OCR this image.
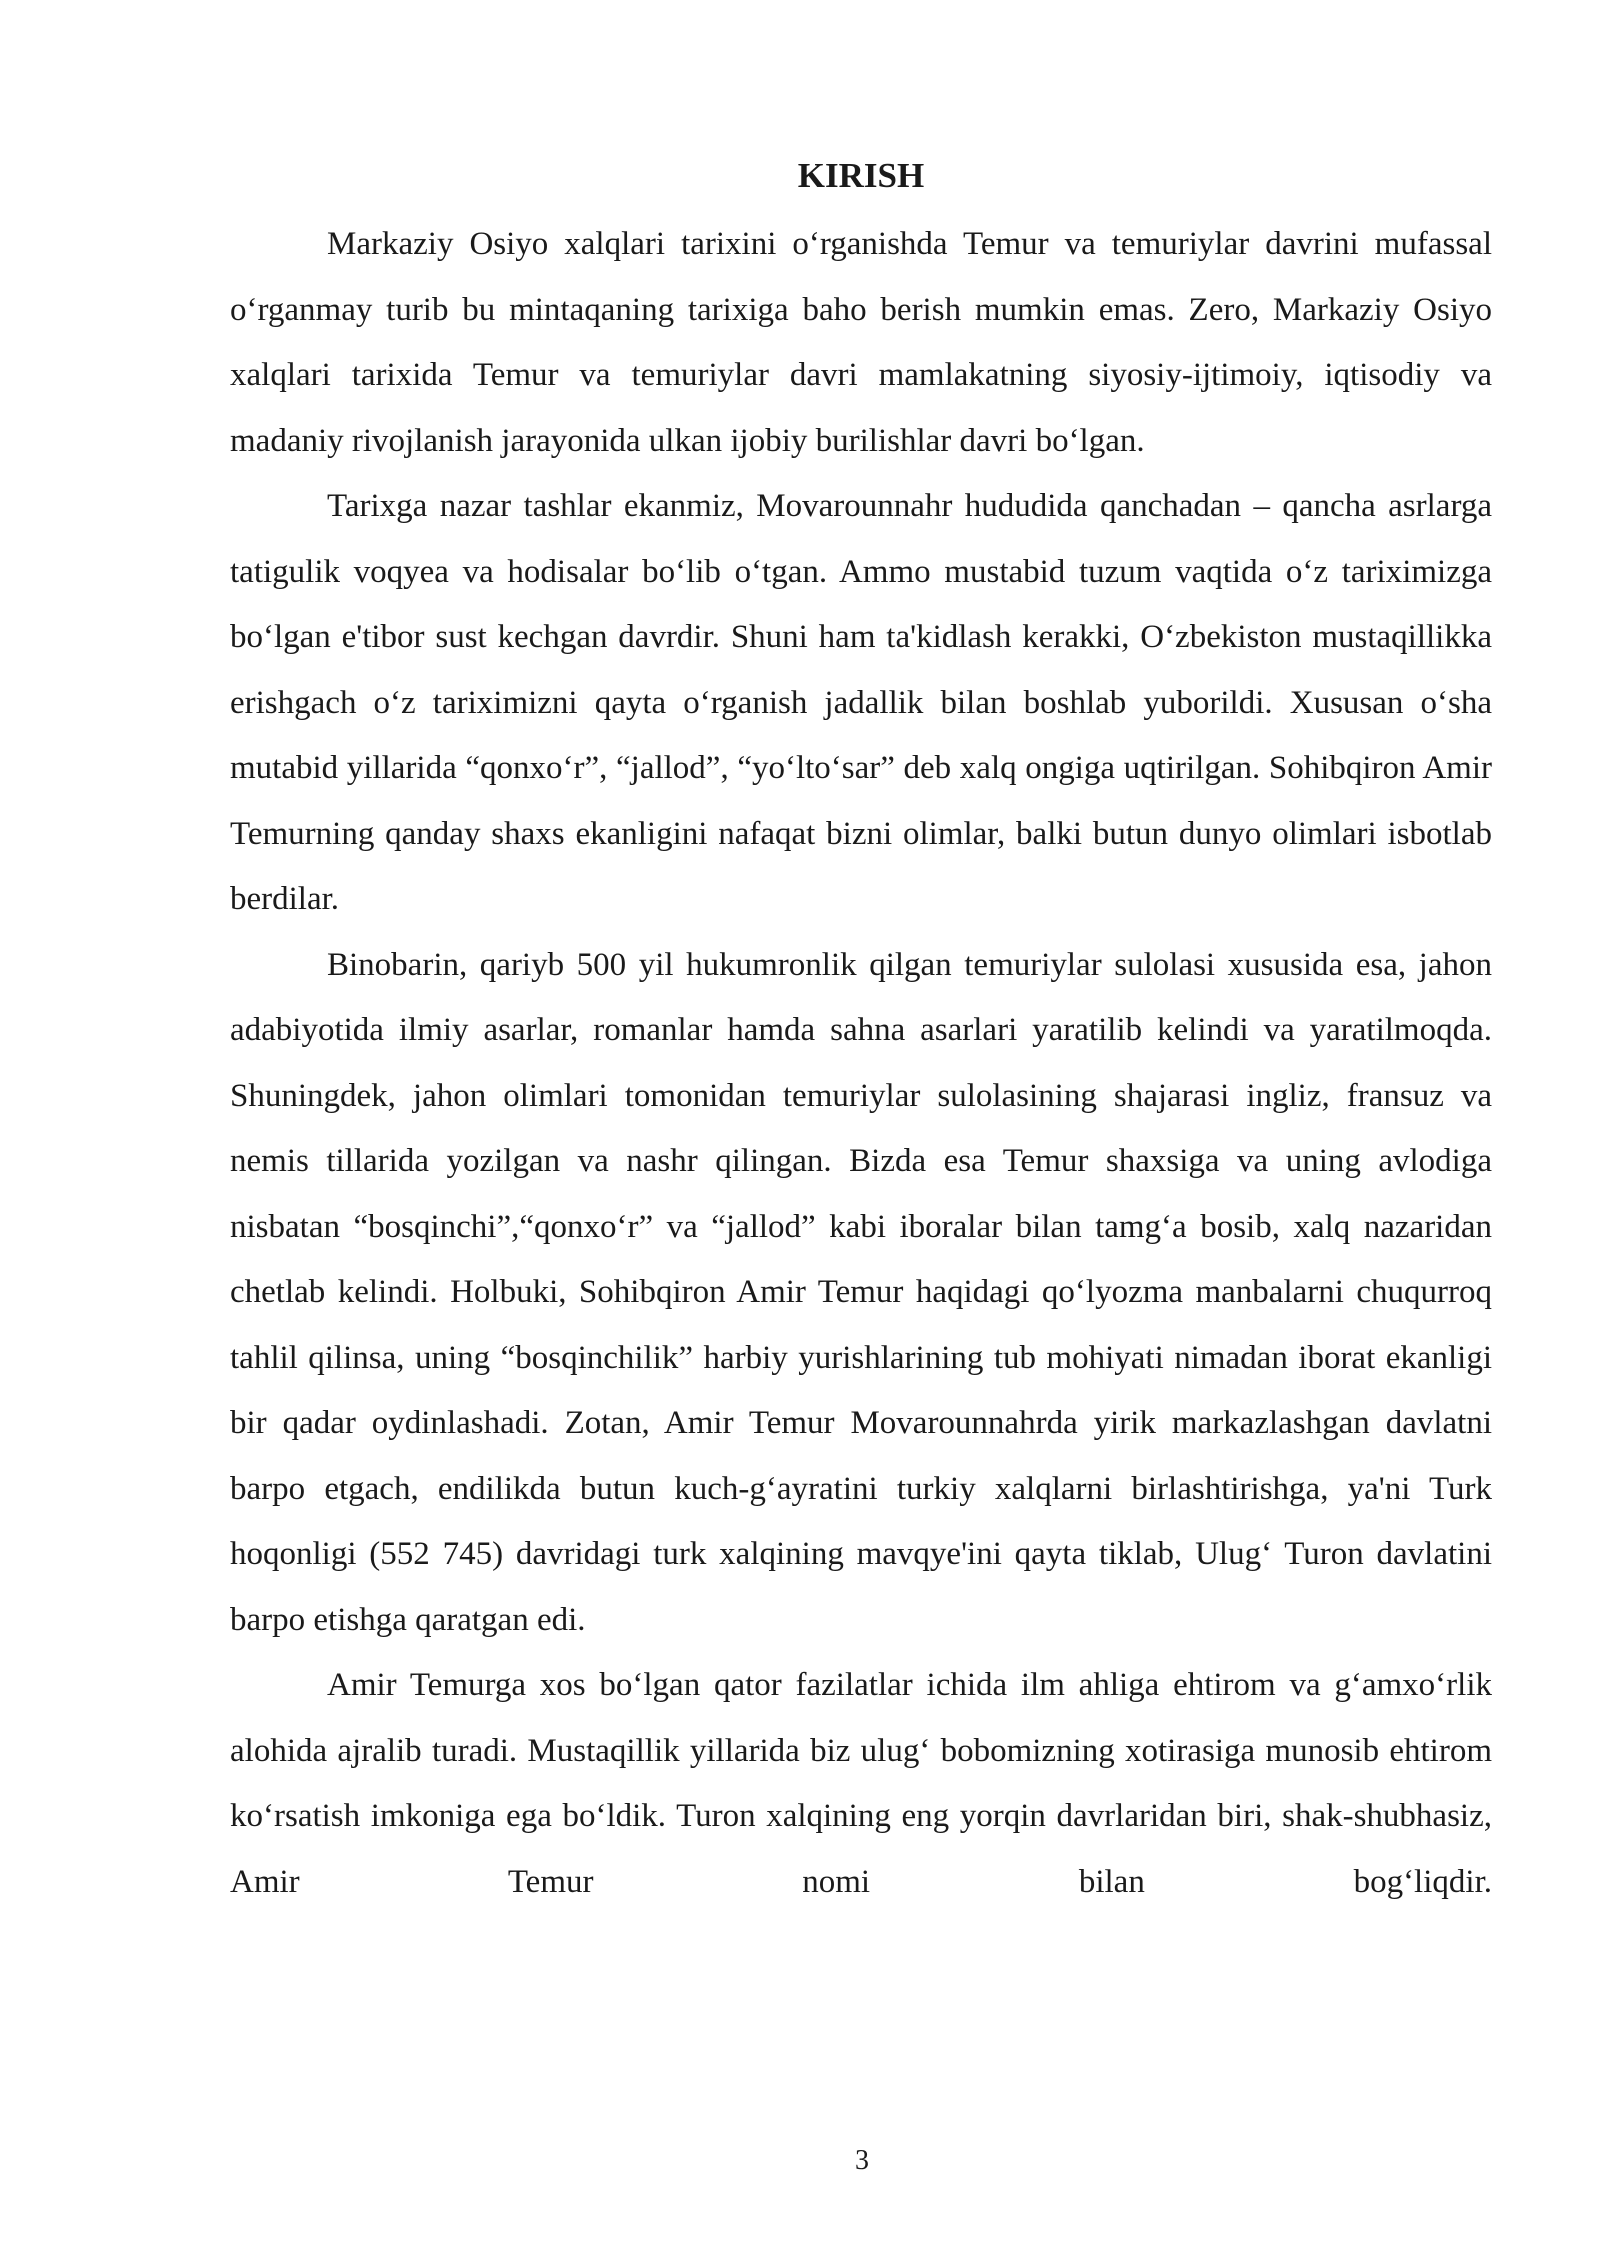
KIRISH

Markaziy Osiyo xalqlari tarixini o‘rganishda Temur va temuriylar davrini mufassal o‘rganmay turib bu mintaqaning tarixiga baho berish mumkin emas. Zero, Markaziy Osiyo xalqlari tarixida Temur va temuriylar davri mamlakatning siyosiy-ijtimoiy, iqtisodiy va madaniy rivojlanish jarayonida ulkan ijobiy burilishlar davri bo‘lgan.

Tarixga nazar tashlar ekanmiz, Movarounnahr hududida qanchadan – qancha asrlarga tatigulik voqyea va hodisalar bo‘lib o‘tgan. Ammo mustabid tuzum vaqtida o‘z tariximizga bo‘lgan e'tibor sust kechgan davrdir. Shuni ham ta'kidlash kerakki, O‘zbekiston mustaqillikka erishgach o‘z tariximizni qayta o‘rganish jadallik bilan boshlab yuborildi. Xususan o‘sha mutabid yillarida “qonxo‘r”, “jallod”, “yo‘lto‘sar” deb xalq ongiga uqtirilgan. Sohibqiron Amir Temurning qanday shaxs ekanligini nafaqat bizni olimlar, balki butun dunyo olimlari isbotlab berdilar.

Binobarin, qariyb 500 yil hukumronlik qilgan temuriylar sulolasi xususida esa, jahon adabiyotida ilmiy asarlar, romanlar hamda sahna asarlari yaratilib kelindi va yaratilmoqda. Shuningdek, jahon olimlari tomonidan temuriylar sulolasining shajarasi ingliz, fransuz va nemis tillarida yozilgan va nashr qilingan. Bizda esa Temur shaxsiga va uning avlodiga nisbatan “bosqinchi”,“qonxo‘r” va “jallod” kabi iboralar bilan tamg‘a bosib, xalq nazaridan chetlab kelindi. Holbuki, Sohibqiron Amir Temur haqidagi qo‘lyozma manbalarni chuqurroq tahlil qilinsa, uning “bosqinchilik” harbiy yurishlarining tub mohiyati nimadan iborat ekanligi bir qadar oydinlashadi. Zotan, Amir Temur Movarounnahrda yirik markazlashgan davlatni barpo etgach, endilikda butun kuch-g‘ayratini turkiy xalqlarni birlashtirishga, ya'ni Turk hoqonligi (552 745) davridagi turk xalqining mavqye'ini qayta tiklab, Ulug‘ Turon davlatini barpo etishga qaratgan edi.

Amir Temurga xos bo‘lgan qator fazilatlar ichida ilm ahliga ehtirom va g‘amxo‘rlik alohida ajralib turadi. Mustaqillik yillarida biz ulug‘ bobomizning xotirasiga munosib ehtirom ko‘rsatish imkoniga ega bo‘ldik. Turon xalqining eng yorqin davrlaridan biri, shak-shubhasiz, Amir Temur nomi bilan bog‘liqdir.

3
